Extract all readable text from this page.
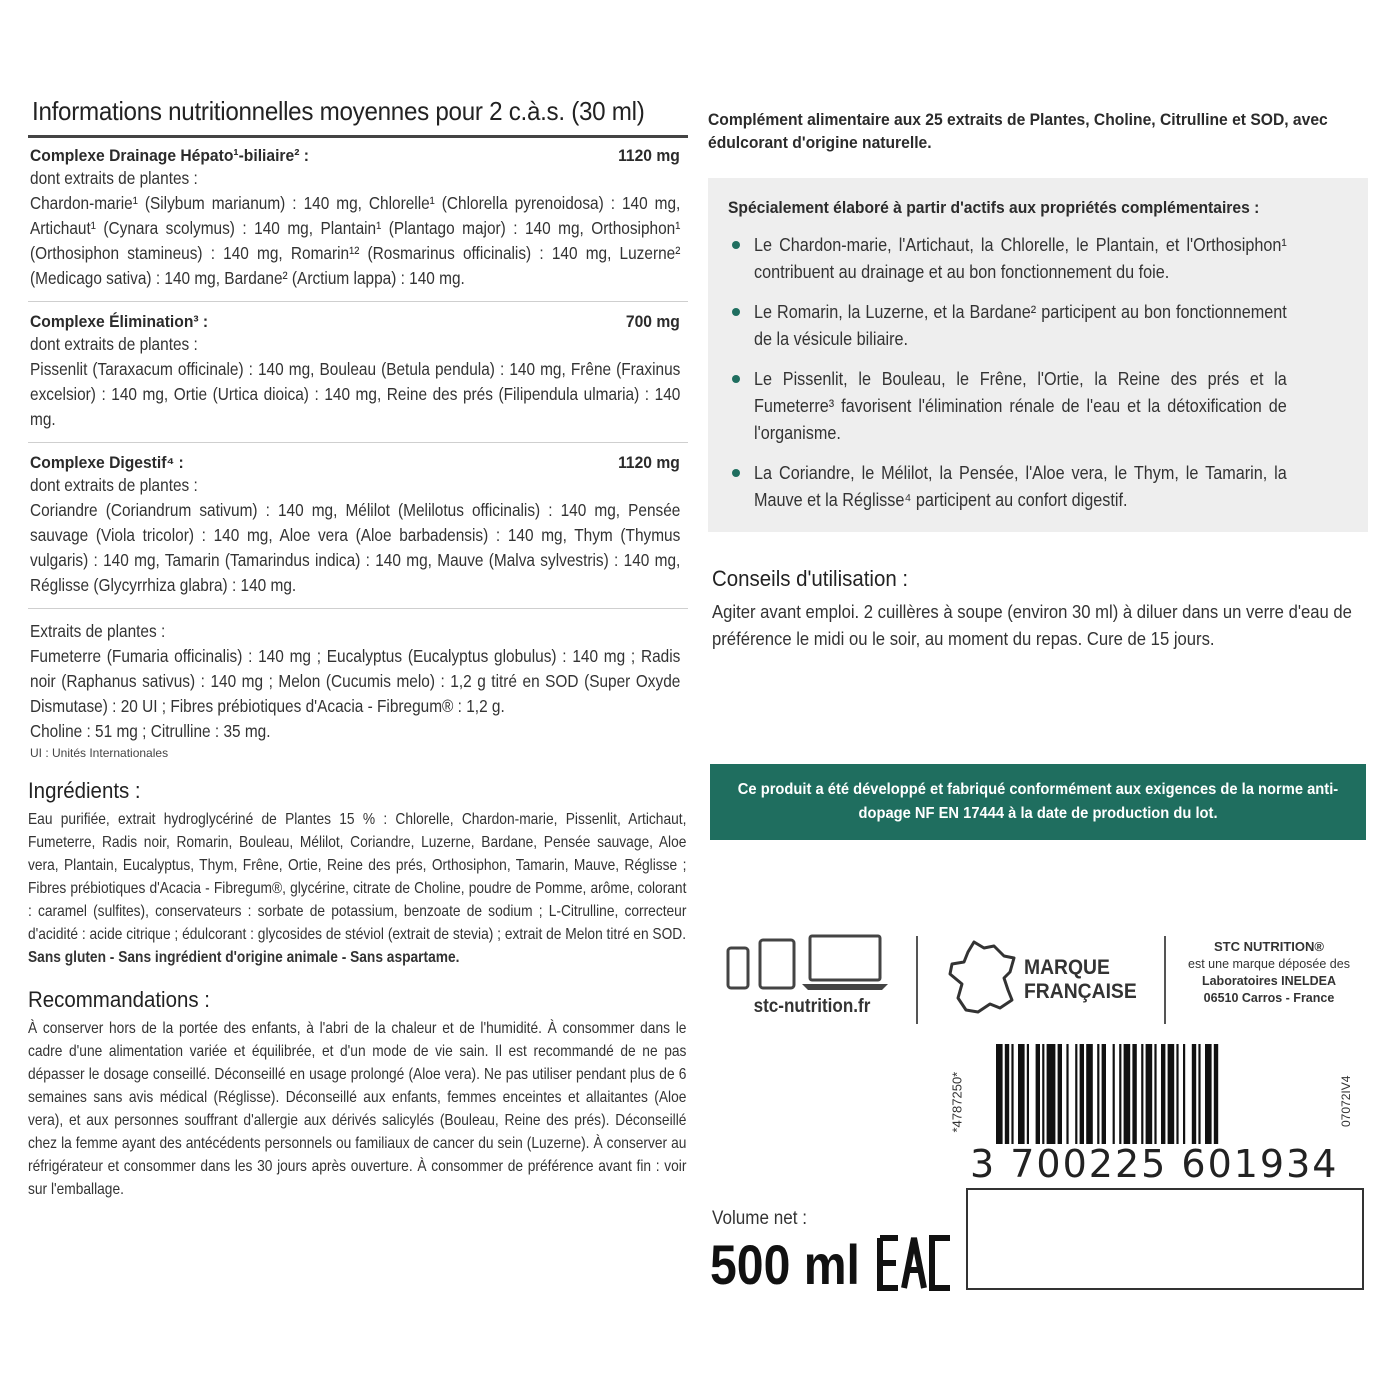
Informations nutritionnelles moyennes pour 2 c.à.s. (30 ml)
Complexe Drainage Hépato¹-biliaire² :	1120 mg
dont extraits de plantes :
Chardon-marie¹ (Silybum marianum) : 140 mg, Chlorelle¹ (Chlorella pyrenoidosa) : 140 mg, Artichaut¹ (Cynara scolymus) : 140 mg, Plantain¹ (Plantago major) : 140 mg, Orthosiphon¹ (Orthosiphon stamineus) : 140 mg, Romarin¹² (Rosmarinus officinalis) : 140 mg, Luzerne² (Medicago sativa) : 140 mg, Bardane² (Arctium lappa) : 140 mg.
Complexe Élimination³ :	700 mg
dont extraits de plantes :
Pissenlit (Taraxacum officinale) : 140 mg, Bouleau (Betula pendula) : 140 mg, Frêne (Fraxinus excelsior) : 140 mg, Ortie (Urtica dioica) : 140 mg, Reine des prés (Filipendula ulmaria) : 140 mg.
Complexe Digestif⁴ :	1120 mg
dont extraits de plantes :
Coriandre (Coriandrum sativum) : 140 mg, Mélilot (Melilotus officinalis) : 140 mg, Pensée sauvage (Viola tricolor) : 140 mg, Aloe vera (Aloe barbadensis) : 140 mg, Thym (Thymus vulgaris) : 140 mg, Tamarin (Tamarindus indica) : 140 mg, Mauve (Malva sylvestris) : 140 mg, Réglisse (Glycyrrhiza glabra) : 140 mg.
Extraits de plantes :
Fumeterre (Fumaria officinalis) : 140 mg ; Eucalyptus (Eucalyptus globulus) : 140 mg ; Radis noir (Raphanus sativus) : 140 mg ; Melon (Cucumis melo) : 1,2 g titré en SOD (Super Oxyde Dismutase) : 20 UI ; Fibres prébiotiques d'Acacia - Fibregum® : 1,2 g.
Choline : 51 mg ; Citrulline : 35 mg.
UI : Unités Internationales
Ingrédients :
Eau purifiée, extrait hydroglycériné de Plantes 15 % : Chlorelle, Chardon-marie, Pissenlit, Artichaut, Fumeterre, Radis noir, Romarin, Bouleau, Mélilot, Coriandre, Luzerne, Bardane, Pensée sauvage, Aloe vera, Plantain, Eucalyptus, Thym, Frêne, Ortie, Reine des prés, Orthosiphon, Tamarin, Mauve, Réglisse ; Fibres prébiotiques d'Acacia - Fibregum®, glycérine, citrate de Choline, poudre de Pomme, arôme, colorant : caramel (sulfites), conservateurs : sorbate de potassium, benzoate de sodium ; L-Citrulline, correcteur d'acidité : acide citrique ; édulcorant : glycosides de stéviol (extrait de stevia) ; extrait de Melon titré en SOD.
Sans gluten - Sans ingrédient d'origine animale - Sans aspartame.
Recommandations :
À conserver hors de la portée des enfants, à l'abri de la chaleur et de l'humidité. À consommer dans le cadre d'une alimentation variée et équilibrée, et d'un mode de vie sain. Il est recommandé de ne pas dépasser le dosage conseillé. Déconseillé en usage prolongé (Aloe vera). Ne pas utiliser pendant plus de 6 semaines sans avis médical (Réglisse). Déconseillé aux enfants, femmes enceintes et allaitantes (Aloe vera), et aux personnes souffrant d'allergie aux dérivés salicylés (Bouleau, Reine des prés). Déconseillé chez la femme ayant des antécédents personnels ou familiaux de cancer du sein (Luzerne). À conserver au réfrigérateur et consommer dans les 30 jours après ouverture. À consommer de préférence avant fin : voir sur l'emballage.
Complément alimentaire aux 25 extraits de Plantes, Choline, Citrulline et SOD, avec édulcorant d'origine naturelle.
Spécialement élaboré à partir d'actifs aux propriétés complémentaires :
Le Chardon-marie, l'Artichaut, la Chlorelle, le Plantain, et l'Orthosiphon¹ contribuent au drainage et au bon fonctionnement du foie.
Le Romarin, la Luzerne, et la Bardane² participent au bon fonctionnement de la vésicule biliaire.
Le Pissenlit, le Bouleau, le Frêne, l'Ortie, la Reine des prés et la Fumeterre³ favorisent l'élimination rénale de l'eau et la détoxification de l'organisme.
La Coriandre, le Mélilot, la Pensée, l'Aloe vera, le Thym, le Tamarin, la Mauve et la Réglisse⁴ participent au confort digestif.
Conseils d'utilisation :
Agiter avant emploi. 2 cuillères à soupe (environ 30 ml) à diluer dans un verre d'eau de préférence le midi ou le soir, au moment du repas. Cure de 15 jours.
Ce produit a été développé et fabriqué conformément aux exigences de la norme anti-dopage NF EN 17444 à la date de production du lot.
stc-nutrition.fr
MARQUE
FRANÇAISE
STC NUTRITION®
est une marque déposée des
Laboratoires INELDEA
06510 Carros - France
*4787250*	07072IV4
3 700225 601934
Volume net :
500 ml
